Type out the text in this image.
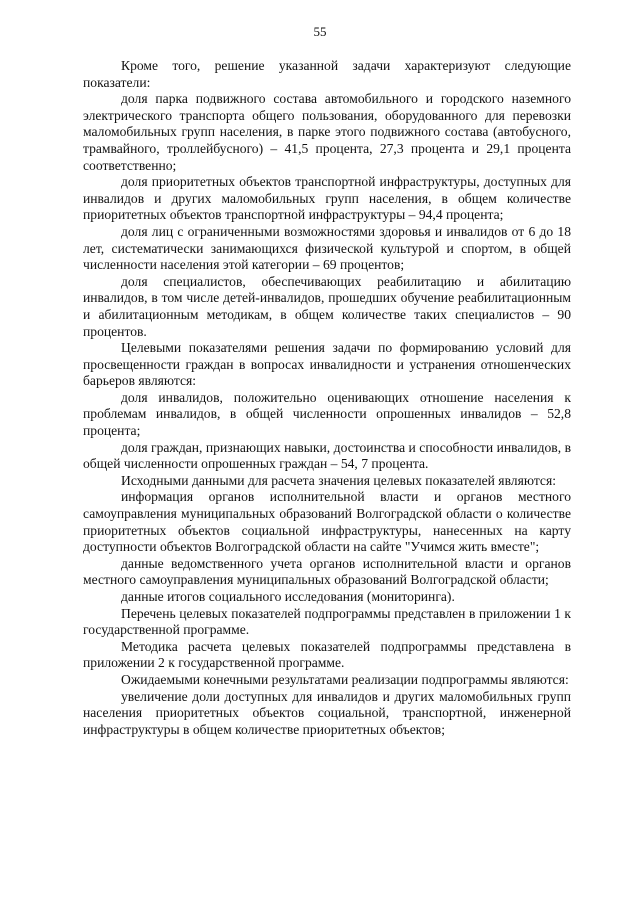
55

Кроме того, решение указанной задачи характеризуют следующие показатели:

доля парка подвижного состава автомобильного и городского наземного электрического транспорта общего пользования, оборудованного для перевозки маломобильных групп населения, в парке этого подвижного состава (автобусного, трамвайного, троллейбусного) – 41,5 процента, 27,3 процента и 29,1 процента соответственно;

доля приоритетных объектов транспортной инфраструктуры, доступных для инвалидов и других маломобильных групп населения, в общем количестве приоритетных объектов транспортной инфраструктуры – 94,4 процента;

доля лиц с ограниченными возможностями здоровья и инвалидов от 6 до 18 лет, систематически занимающихся физической культурой и спортом, в общей численности населения этой категории – 69 процентов;

доля специалистов, обеспечивающих реабилитацию и абилитацию инвалидов, в том числе детей-инвалидов, прошедших обучение реабилитационным и абилитационным методикам, в общем количестве таких специалистов – 90 процентов.

Целевыми показателями решения задачи по формированию условий для просвещенности граждан в вопросах инвалидности и устранения отношенческих барьеров являются:

доля инвалидов, положительно оценивающих отношение населения к проблемам инвалидов, в общей численности опрошенных инвалидов – 52,8 процента;

доля граждан, признающих навыки, достоинства и способности инвалидов, в общей численности опрошенных граждан – 54, 7 процента.

Исходными данными для расчета значения целевых показателей являются:

информация органов исполнительной власти и органов местного самоуправления муниципальных образований Волгоградской области о количестве приоритетных объектов социальной инфраструктуры, нанесенных на карту доступности объектов Волгоградской области на сайте "Учимся жить вместе";

данные ведомственного учета органов исполнительной власти и органов местного самоуправления муниципальных образований Волгоградской области;

данные итогов социального исследования (мониторинга).

Перечень целевых показателей подпрограммы представлен в приложении 1 к государственной программе.

Методика расчета целевых показателей подпрограммы представлена в приложении 2 к государственной программе.

Ожидаемыми конечными результатами реализации подпрограммы являются:

увеличение доли доступных для инвалидов и других маломобильных групп населения приоритетных объектов социальной, транспортной, инженерной инфраструктуры в общем количестве приоритетных объектов;
